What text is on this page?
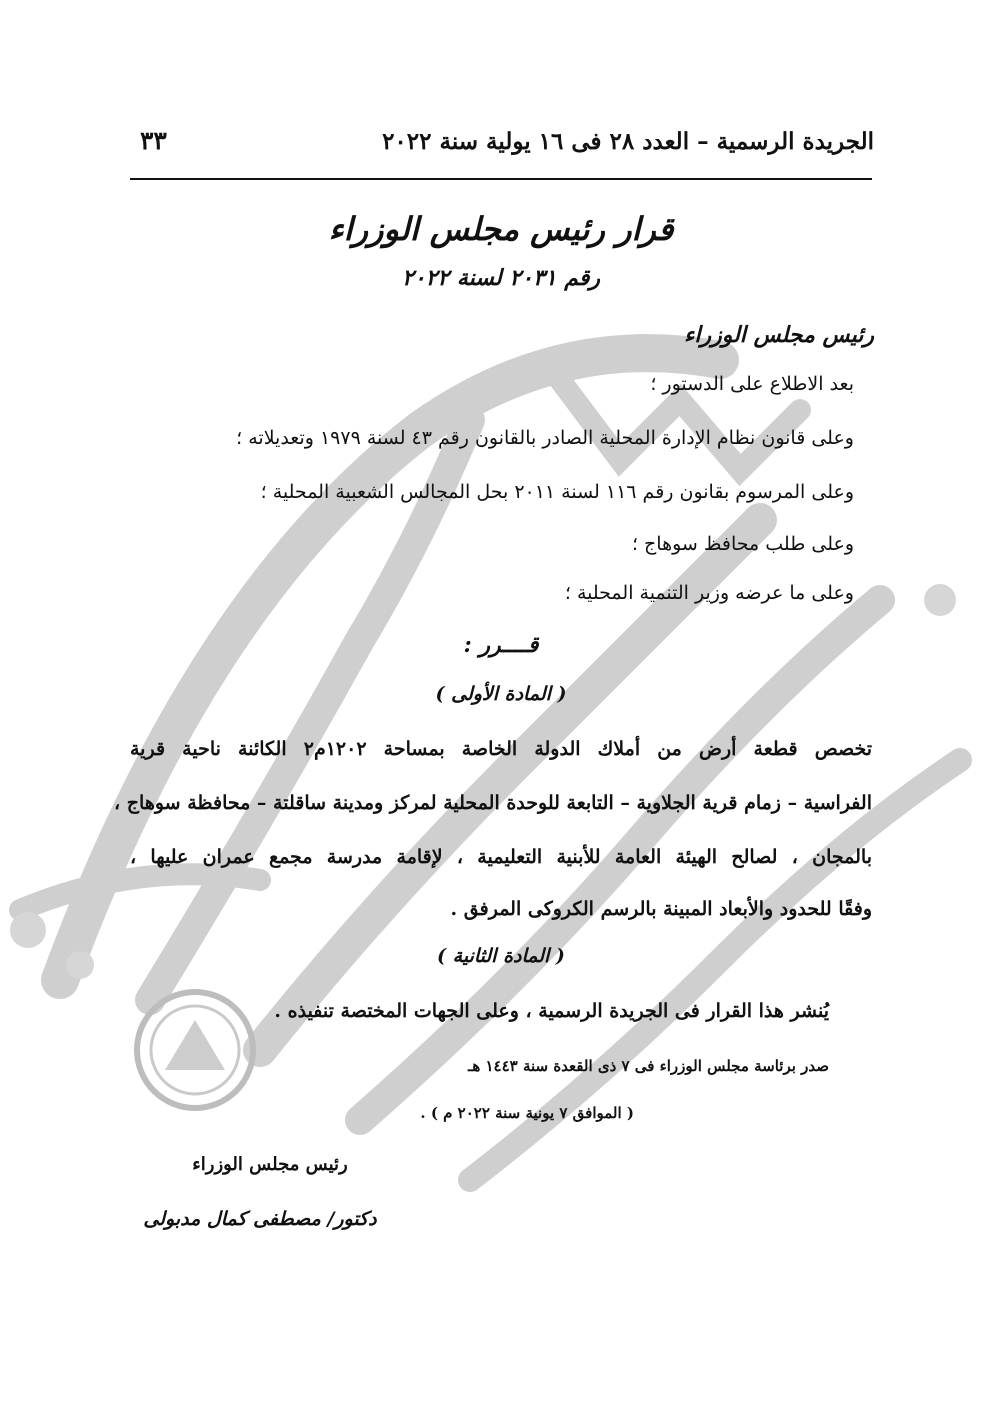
الجريدة الرسمية – العدد ٢٨ فى ١٦ يولية سنة ٢٠٢٢
٣٣
قرار رئيس مجلس الوزراء
رقم ٢٠٣١ لسنة ٢٠٢٢
رئيس مجلس الوزراء
بعد الاطلاع على الدستور ؛
وعلى قانون نظام الإدارة المحلية الصادر بالقانون رقم ٤٣ لسنة ١٩٧٩ وتعديلاته ؛
وعلى المرسوم بقانون رقم ١١٦ لسنة ٢٠١١ بحل المجالس الشعبية المحلية ؛
وعلى طلب محافظ سوهاج ؛
وعلى ما عرضه وزير التنمية المحلية ؛
قــــرر :
( المادة الأولى )
تخصص قطعة أرض من أملاك الدولة الخاصة بمساحة ١٢٠٢م٢ الكائنة ناحية قرية
الفراسية – زمام قرية الجلاوية – التابعة للوحدة المحلية لمركز ومدينة ساقلتة – محافظة سوهاج ،
بالمجان ، لصالح الهيئة العامة للأبنية التعليمية ، لإقامة مدرسة مجمع عمران عليها ،
وفقًا للحدود والأبعاد المبينة بالرسم الكروكى المرفق .
( المادة الثانية )
يُنشر هذا القرار فى الجريدة الرسمية ، وعلى الجهات المختصة تنفيذه .
صدر برئاسة مجلس الوزراء فى ٧ ذى القعدة سنة ١٤٤٣ هـ
( الموافق ٧ يونية سنة ٢٠٢٢ م ) .
رئيس مجلس الوزراء
دكتور/ مصطفى كمال مدبولى
